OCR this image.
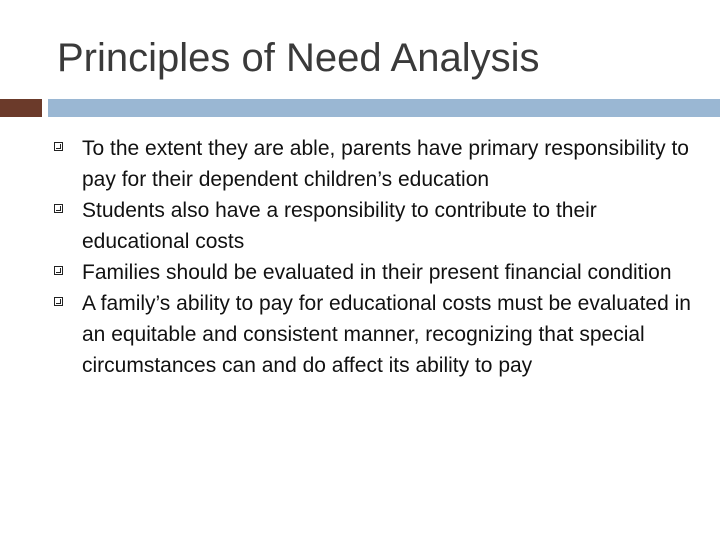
Principles of Need Analysis
To the extent they are able, parents have primary responsibility to pay for their dependent children’s education
Students also have a responsibility to contribute to their educational costs
Families should be evaluated in their present financial condition
A family’s ability to pay for educational costs must be evaluated in an equitable and consistent manner, recognizing that special circumstances can and do affect its ability to pay
